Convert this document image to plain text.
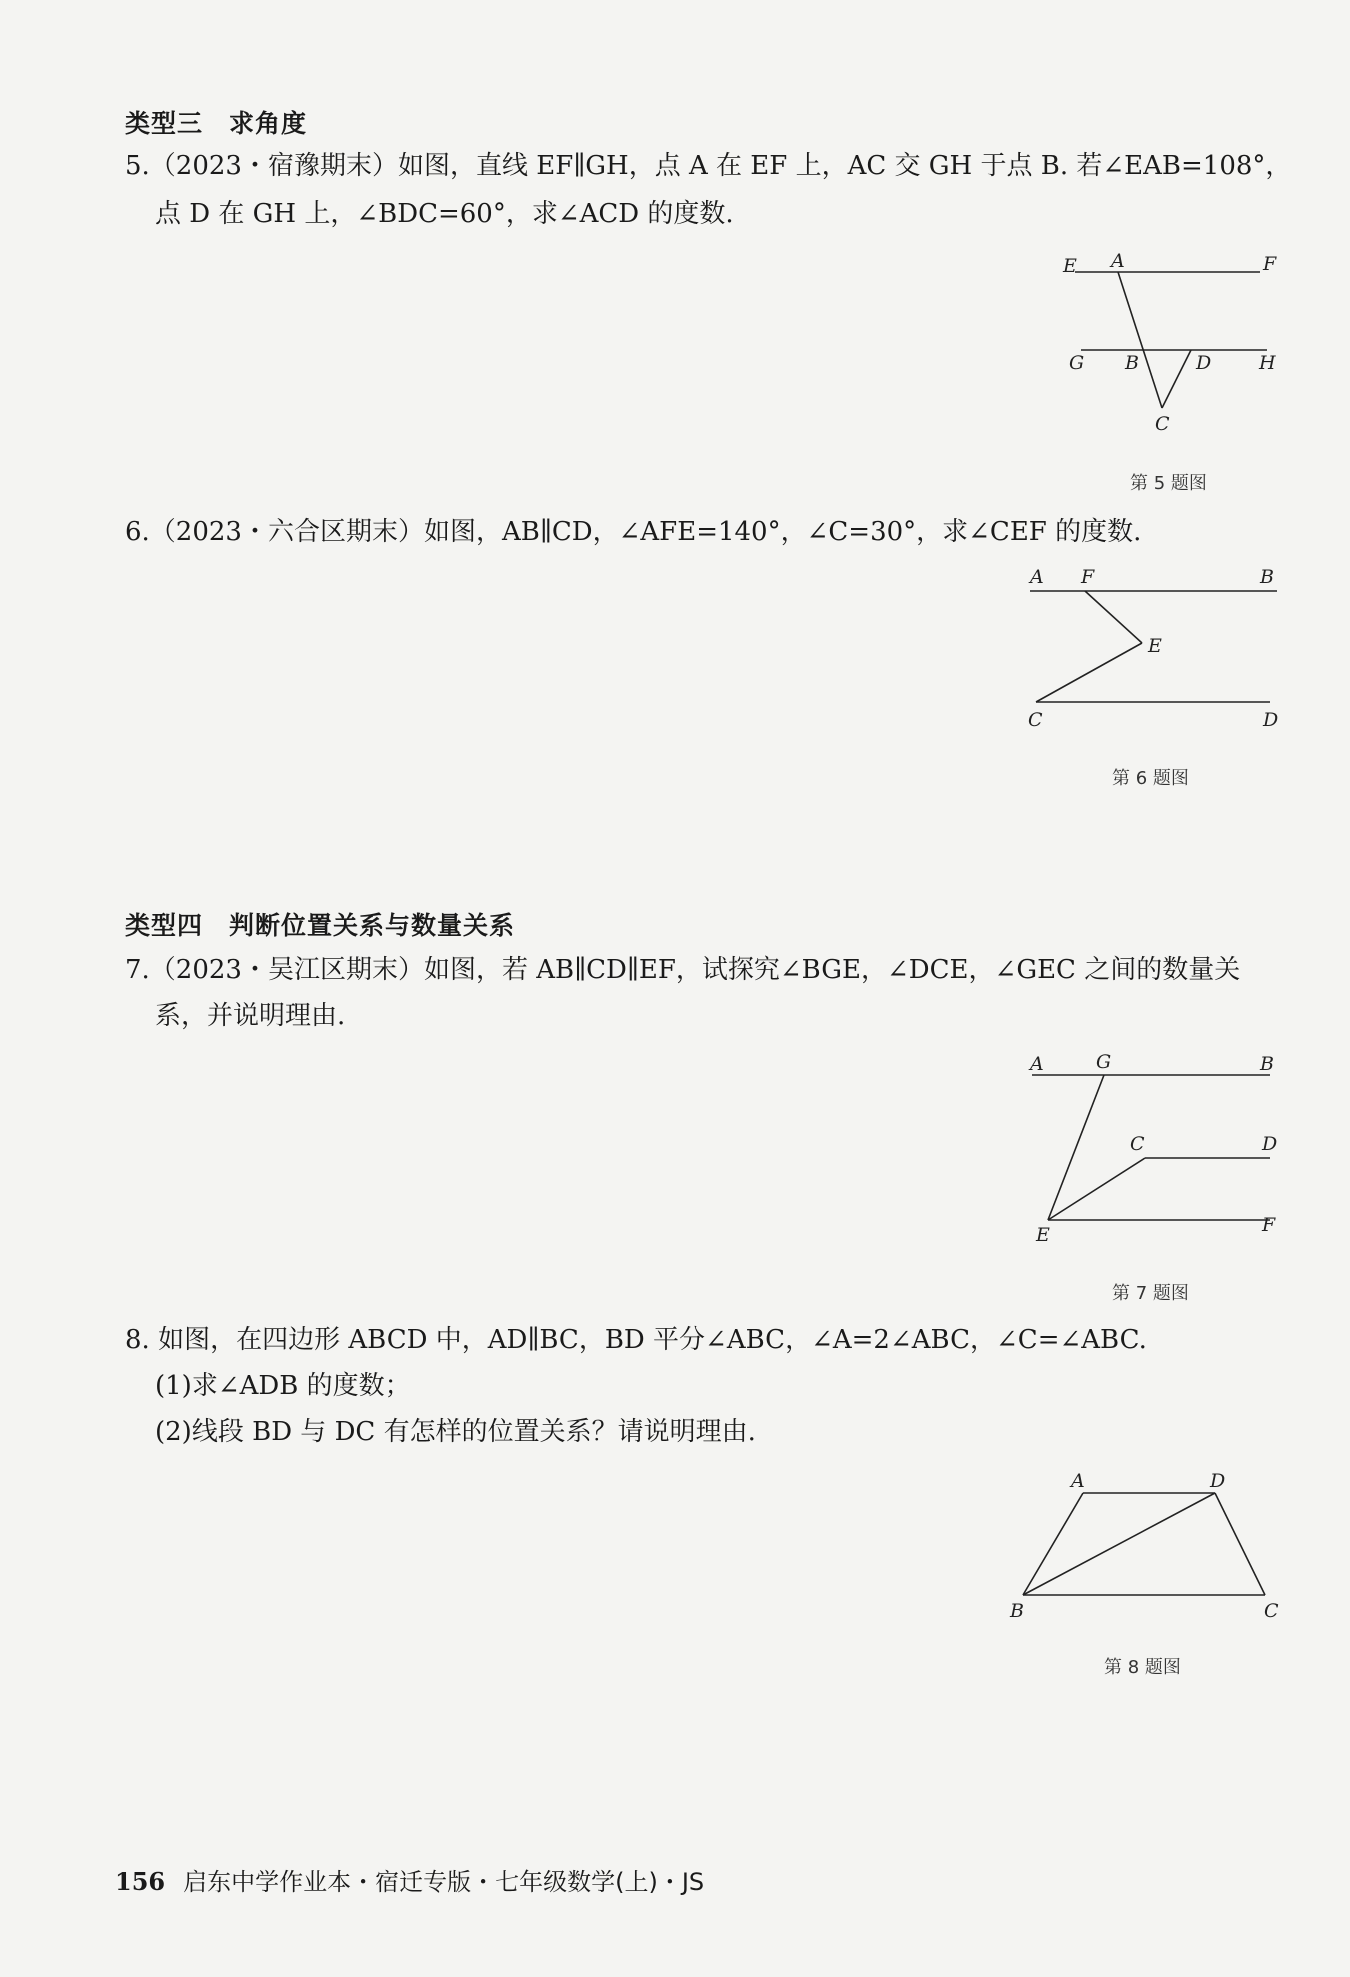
类型三　求角度
5.（2023・宿豫期末）如图，直线 EF∥GH，点 A 在 EF 上，AC 交 GH 于点 B. 若∠EAB=108°，
点 D 在 GH 上，∠BDC=60°，求∠ACD 的度数.
E A	F
G B	D	H
C
第 5 题图
6.（2023・六合区期末）如图，AB∥CD，∠AFE=140°，∠C=30°，求∠CEF 的度数.
A F	B
E
C	D
第 6 题图
类型四　判断位置关系与数量关系
7.（2023・吴江区期末）如图，若 AB∥CD∥EF，试探究∠BGE，∠DCE，∠GEC 之间的数量关
系，并说明理由.
A	G	B
C	D
E	F
第 7 题图
8. 如图，在四边形 ABCD 中，AD∥BC，BD 平分∠ABC，∠A=2∠ABC，∠C=∠ABC.
(1)求∠ADB 的度数；
(2)线段 BD 与 DC 有怎样的位置关系？请说明理由.
A	D
B	C
第 8 题图
156 启东中学作业本・宿迁专版・七年级数学(上)・JS
